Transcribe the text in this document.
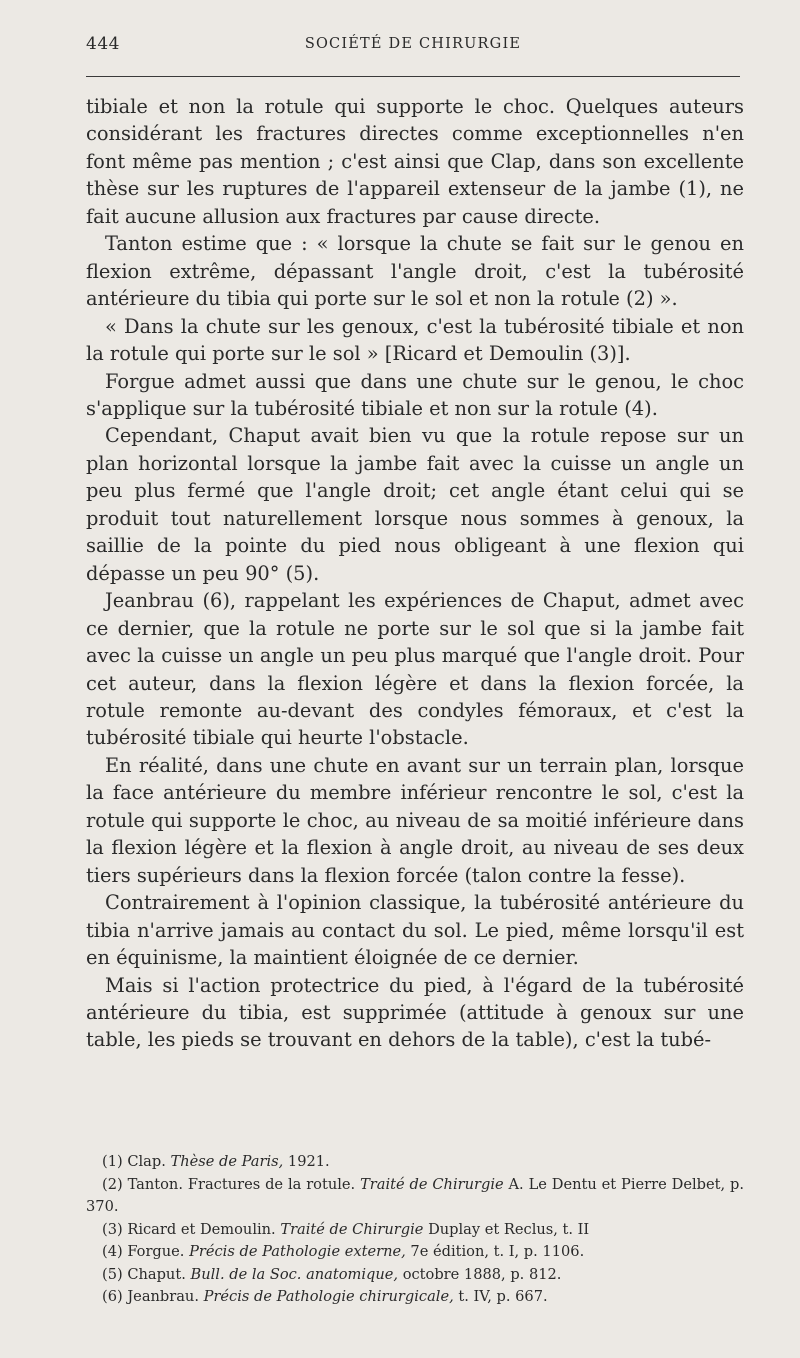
444	SOCIÉTÉ DE CHIRURGIE

tibiale et non la rotule qui supporte le choc. Quelques auteurs considérant les fractures directes comme exceptionnelles n'en font même pas mention ; c'est ainsi que Clap, dans son excellente thèse sur les ruptures de l'appareil extenseur de la jambe (1), ne fait aucune allusion aux fractures par cause directe.

Tanton estime que : « lorsque la chute se fait sur le genou en flexion extrême, dépassant l'angle droit, c'est la tubérosité antérieure du tibia qui porte sur le sol et non la rotule (2) ».

« Dans la chute sur les genoux, c'est la tubérosité tibiale et non la rotule qui porte sur le sol » [Ricard et Demoulin (3)].

Forgue admet aussi que dans une chute sur le genou, le choc s'applique sur la tubérosité tibiale et non sur la rotule (4).

Cependant, Chaput avait bien vu que la rotule repose sur un plan horizontal lorsque la jambe fait avec la cuisse un angle un peu plus fermé que l'angle droit; cet angle étant celui qui se produit tout naturellement lorsque nous sommes à genoux, la saillie de la pointe du pied nous obligeant à une flexion qui dépasse un peu 90° (5).

Jeanbrau (6), rappelant les expériences de Chaput, admet avec ce dernier, que la rotule ne porte sur le sol que si la jambe fait avec la cuisse un angle un peu plus marqué que l'angle droit. Pour cet auteur, dans la flexion légère et dans la flexion forcée, la rotule remonte au-devant des condyles fémoraux, et c'est la tubérosité tibiale qui heurte l'obstacle.

En réalité, dans une chute en avant sur un terrain plan, lorsque la face antérieure du membre inférieur rencontre le sol, c'est la rotule qui supporte le choc, au niveau de sa moitié inférieure dans la flexion légère et la flexion à angle droit, au niveau de ses deux tiers supérieurs dans la flexion forcée (talon contre la fesse).

Contrairement à l'opinion classique, la tubérosité antérieure du tibia n'arrive jamais au contact du sol. Le pied, même lorsqu'il est en équinisme, la maintient éloignée de ce dernier.

Mais si l'action protectrice du pied, à l'égard de la tubérosité antérieure du tibia, est supprimée (attitude à genoux sur une table, les pieds se trouvant en dehors de la table), c'est la tubé-

(1) Clap. Thèse de Paris, 1921.

(2) Tanton. Fractures de la rotule. Traité de Chirurgie A. Le Dentu et Pierre Delbet, p. 370.

(3) Ricard et Demoulin. Traité de Chirurgie Duplay et Reclus, t. II

(4) Forgue. Précis de Pathologie externe, 7e édition, t. I, p. 1106.

(5) Chaput. Bull. de la Soc. anatomique, octobre 1888, p. 812.

(6) Jeanbrau. Précis de Pathologie chirurgicale, t. IV, p. 667.
